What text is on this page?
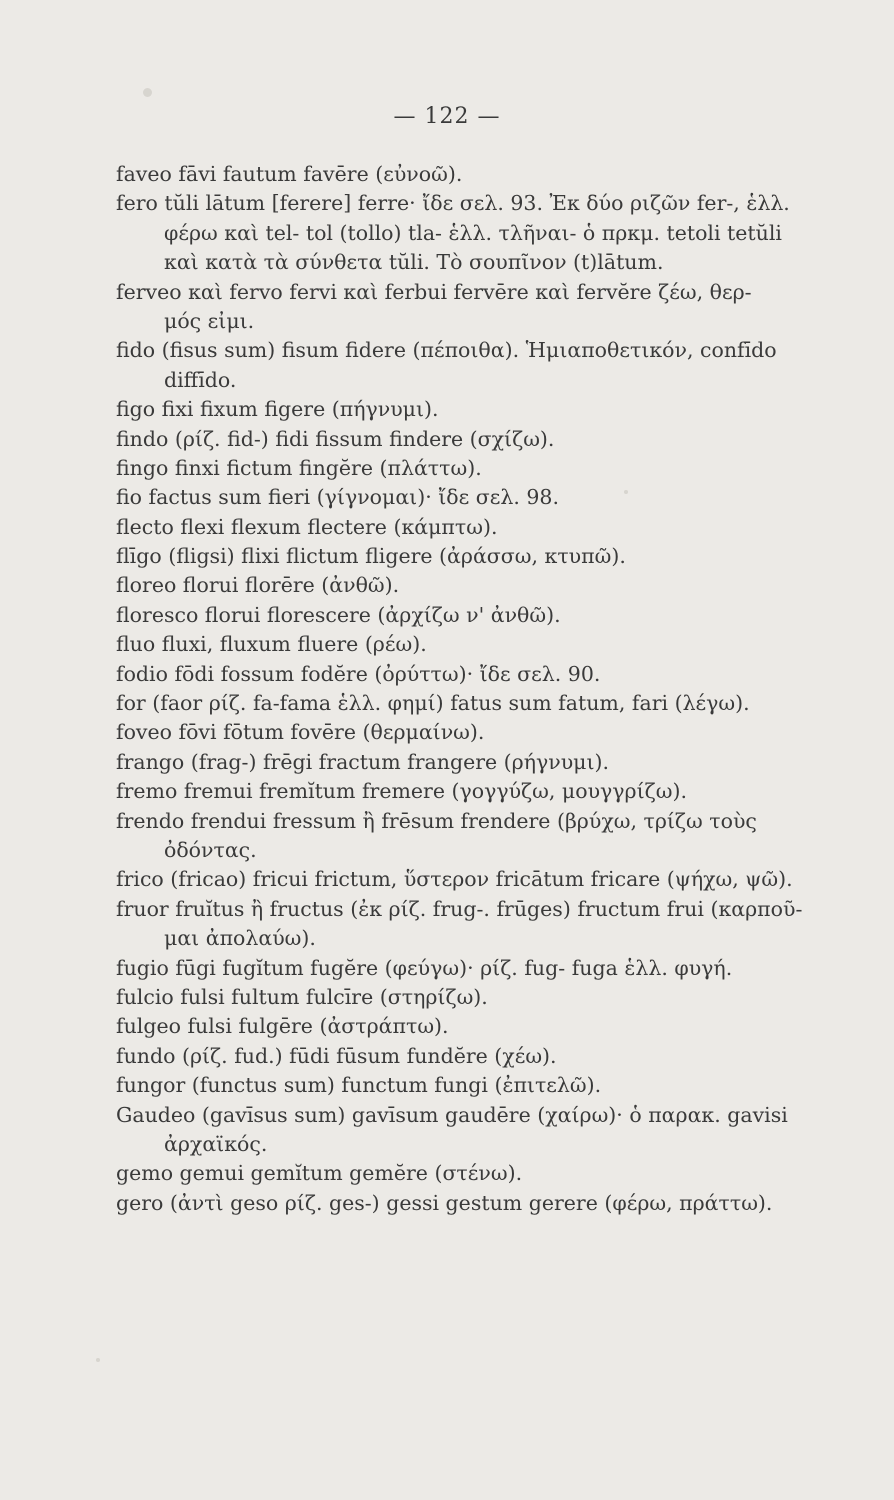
— 122 —
faveo fāvi fautum favēre (εὐνοῶ).
fero tŭli lātum [ferere] ferre· ἴδε σελ. 93. Ἐκ δύο ριζῶν fer-, ἑλλ.
φέρω καὶ tel- tol (tollo) tla- ἑλλ. τλῆναι- ὁ πρκμ. tetoli tetŭli
καὶ κατὰ τὰ σύνθετα tŭli. Τὸ σουπῖνον (t)lātum.
ferveo καὶ fervo fervi καὶ ferbui fervēre καὶ fervĕre ζέω, θερ-
μός εἰμι.
fido (fisus sum) fisum fidere (πέποιθα). Ἡμιαποθετικόν, confīdo
diffīdo.
figo fixi fixum figere (πήγνυμι).
findo (ρίζ. fid-) fidi fissum findere (σχίζω).
fingo finxi fictum fingĕre (πλάττω).
fio factus sum fieri (γίγνομαι)· ἴδε σελ. 98.
flecto flexi flexum flectere (κάμπτω).
flīgo (fligsi) flixi flictum fligere (ἀράσσω, κτυπῶ).
floreo florui florēre (ἀνθῶ).
floresco florui florescere (ἀρχίζω ν' ἀνθῶ).
fluo fluxi, fluxum fluere (ρέω).
fodio fōdi fossum fodĕre (ὀρύττω)· ἴδε σελ. 90.
for (faor ρίζ. fa-fama ἑλλ. φημί) fatus sum fatum, fari (λέγω).
foveo fōvi fōtum fovēre (θερμαίνω).
frango (frag-) frēgi fractum frangere (ρήγνυμι).
fremo fremui fremĭtum fremere (γογγύζω, μουγγρίζω).
frendo frendui fressum ἢ frēsum frendere (βρύχω, τρίζω τοὺς
ὀδόντας.
frico (fricao) fricui frictum, ὕστερον fricātum fricare (ψήχω, ψῶ).
fruor fruĭtus ἢ fructus (ἐκ ρίζ. frug-. frūges) fructum frui (καρποῦ-
μαι ἀπολαύω).
fugio fūgi fugĭtum fugĕre (φεύγω)· ρίζ. fug- fuga ἑλλ. φυγή.
fulcio fulsi fultum fulcīre (στηρίζω).
fulgeo fulsi fulgēre (ἀστράπτω).
fundo (ρίζ. fud.) fūdi fūsum fundĕre (χέω).
fungor (functus sum) functum fungi (ἐπιτελῶ).
Gaudeo (gavīsus sum) gavīsum gaudēre (χαίρω)· ὁ παρακ. gavisi
ἀρχαϊκός.
gemo gemui gemĭtum gemĕre (στένω).
gero (ἀντὶ geso ρίζ. ges-) gessi gestum gerere (φέρω, πράττω).
